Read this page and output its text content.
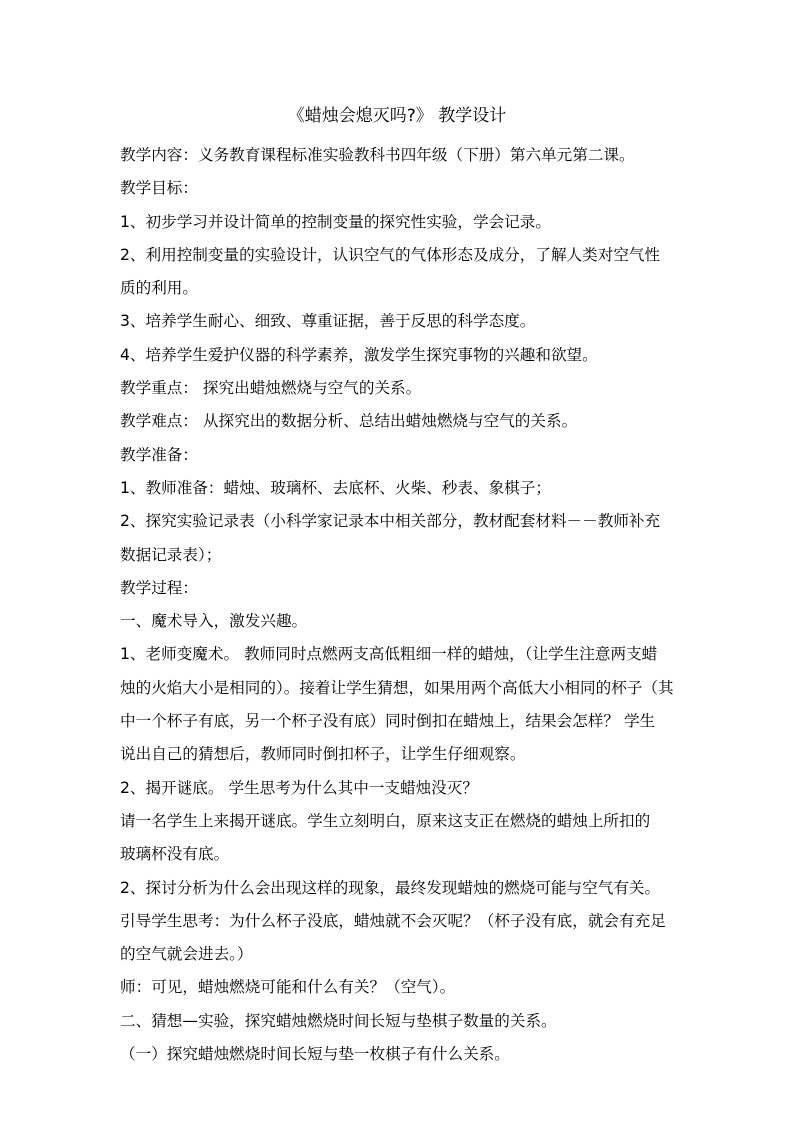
《蜡烛会熄灭吗?》 教学设计
教学内容：义务教育课程标准实验教科书四年级（下册）第六单元第二课。
教学目标：
1、初步学习并设计简单的控制变量的探究性实验，学会记录。
2、利用控制变量的实验设计，认识空气的气体形态及成分，了解人类对空气性
质的利用。
3、培养学生耐心、细致、尊重证据，善于反思的科学态度。
4、培养学生爱护仪器的科学素养，激发学生探究事物的兴趣和欲望。
教学重点： 探究出蜡烛燃烧与空气的关系。
教学难点： 从探究出的数据分析、总结出蜡烛燃烧与空气的关系。
教学准备：
1、教师准备：蜡烛、玻璃杯、去底杯、火柴、秒表、象棋子；
2、探究实验记录表（小科学家记录本中相关部分，教材配套材料－－教师补充
数据记录表）；
教学过程：
一、魔术导入，激发兴趣。
1、老师变魔术。 教师同时点燃两支高低粗细一样的蜡烛，（让学生注意两支蜡
烛的火焰大小是相同的）。接着让学生猜想，如果用两个高低大小相同的杯子（其
中一个杯子有底，另一个杯子没有底）同时倒扣在蜡烛上，结果会怎样？ 学生
说出自己的猜想后，教师同时倒扣杯子，让学生仔细观察。
2、揭开谜底。 学生思考为什么其中一支蜡烛没灭？
请一名学生上来揭开谜底。学生立刻明白，原来这支正在燃烧的蜡烛上所扣的
玻璃杯没有底。
2、探讨分析为什么会出现这样的现象，最终发现蜡烛的燃烧可能与空气有关。
引导学生思考：为什么杯子没底，蜡烛就不会灭呢？（杯子没有底，就会有充足
的空气就会进去。）
师：可见，蜡烛燃烧可能和什么有关？（空气）。
二、猜想—实验，探究蜡烛燃烧时间长短与垫棋子数量的关系。
（一）探究蜡烛燃烧时间长短与垫一枚棋子有什么关系。
